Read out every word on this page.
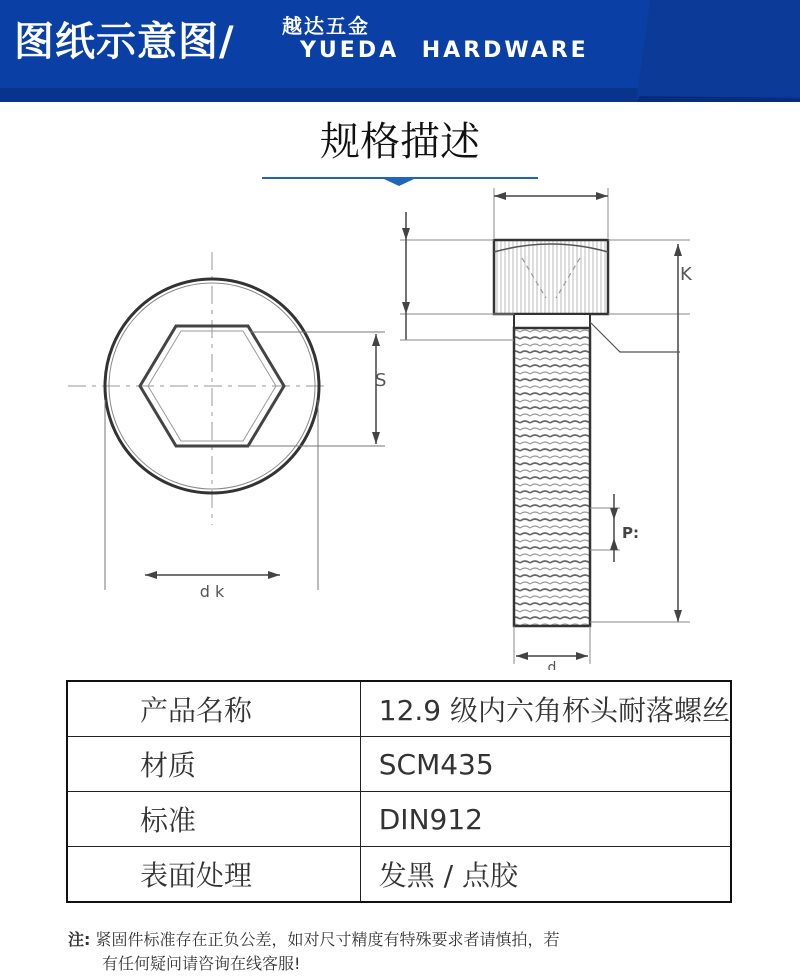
图纸示意图/ 越达五金
YUEDA HARDWARE
规格描述
S
d k
K
P:
d
产品名称	12.9 级内六角杯头耐落螺丝
材质	SCM435
标准	DIN912
表面处理	发黑 / 点胶
注: 紧固件标准存在正负公差，如对尺寸精度有特殊要求者请慎拍，若
有任何疑问请咨询在线客服!
